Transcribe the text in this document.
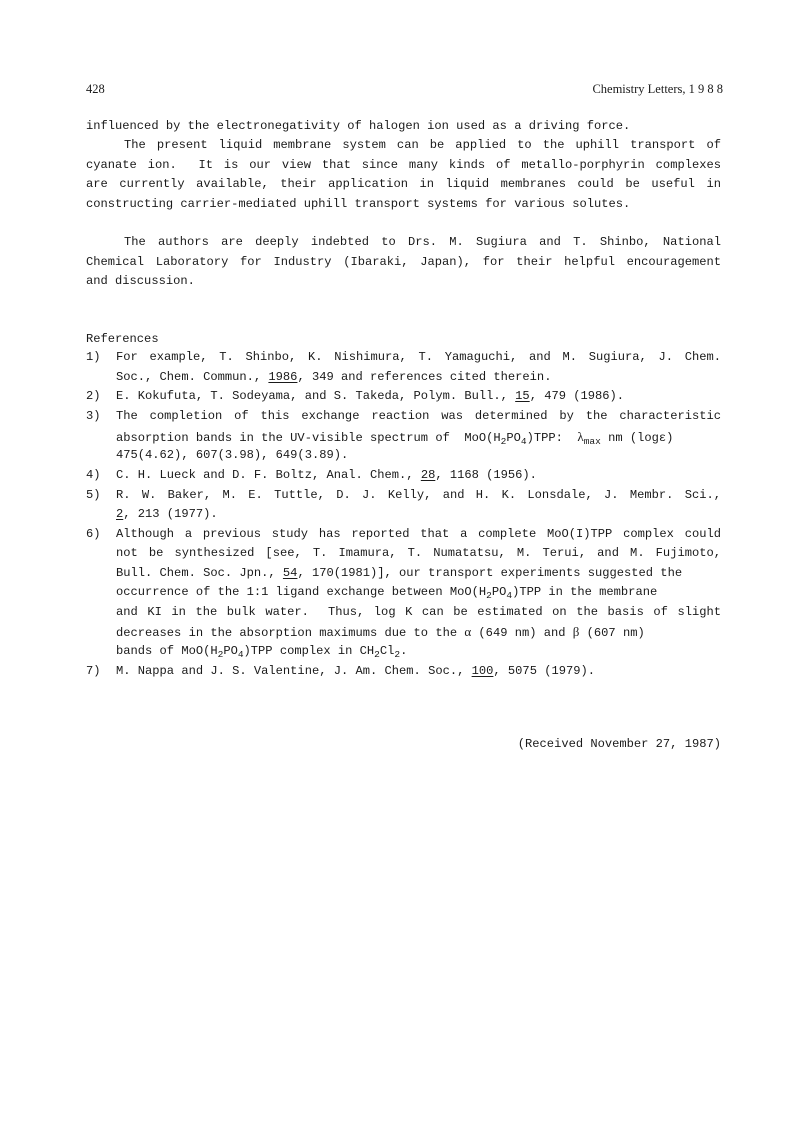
428	Chemistry Letters, 1 9 8 8
influenced by the electronegativity of halogen ion used as a driving force.
The present liquid membrane system can be applied to the uphill transport of
cyanate ion.  It is our view that since many kinds of metallo-porphyrin complexes
are currently available, their application in liquid membranes could be useful in
constructing carrier-mediated uphill transport systems for various solutes.
The authors are deeply indebted to Drs. M. Sugiura and T. Shinbo, National
Chemical Laboratory for Industry (Ibaraki, Japan), for their helpful encouragement
and discussion.
References
1) For example, T. Shinbo, K. Nishimura, T. Yamaguchi, and M. Sugiura, J. Chem.
Soc., Chem. Commun., 1986, 349 and references cited therein.
2) E. Kokufuta, T. Sodeyama, and S. Takeda, Polym. Bull., 15, 479 (1986).
3) The completion of this exchange reaction was determined by the characteristic
absorption bands in the UV-visible spectrum of  $MoO(H_2PO_4)TPP$:  $\lambda_{max}$ nm (logε)
475(4.62), 607(3.98), 649(3.89).
4) C. H. Lueck and D. F. Boltz, Anal. Chem., 28, 1168 (1956).
5) R. W. Baker, M. E. Tuttle, D. J. Kelly, and H. K. Lonsdale, J. Membr. Sci.,
2, 213 (1977).
6) Although a previous study has reported that a complete MoO(I)TPP complex could
not be synthesized [see, T. Imamura, T. Numatatsu, M. Terui, and M. Fujimoto,
Bull. Chem. Soc. Jpn., 54, 170(1981)], our transport experiments suggested the
occurrence of the 1:1 ligand exchange between $MoO(H_2PO_4)TPP$ in the membrane
and KI in the bulk water.  Thus, log K can be estimated on the basis of slight
decreases in the absorption maximums due to the α (649 nm) and β (607 nm)
bands of $MoO(H_2PO_4)TPP$ complex in $CH_2Cl_2$.
7) M. Nappa and J. S. Valentine, J. Am. Chem. Soc., 100, 5075 (1979).
(Received November 27, 1987)
